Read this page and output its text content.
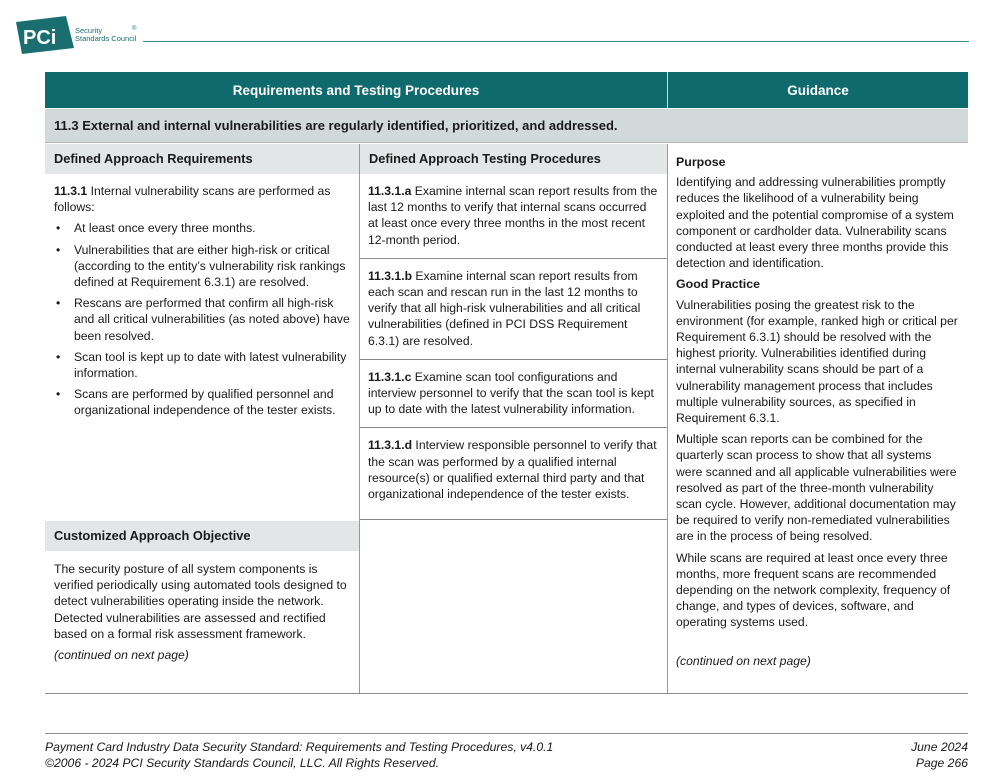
PCi Security
Standards Council
®
Requirements and Testing Procedures	Guidance
11.3 External and internal vulnerabilities are regularly identified, prioritized, and addressed.
Defined Approach Requirements
11.3.1 Internal vulnerability scans are performed as follows:
• At least once every three months.
• Vulnerabilities that are either high-risk or critical (according to the entity’s vulnerability risk rankings defined at Requirement 6.3.1) are resolved.
• Rescans are performed that confirm all high-risk and all critical vulnerabilities (as noted above) have been resolved.
• Scan tool is kept up to date with latest vulnerability information.
• Scans are performed by qualified personnel and organizational independence of the tester exists.
Customized Approach Objective
The security posture of all system components is verified periodically using automated tools designed to detect vulnerabilities operating inside the network. Detected vulnerabilities are assessed and rectified based on a formal risk assessment framework.
(continued on next page)
Defined Approach Testing Procedures
11.3.1.a Examine internal scan report results from the last 12 months to verify that internal scans occurred at least once every three months in the most recent 12-month period.
11.3.1.b Examine internal scan report results from each scan and rescan run in the last 12 months to verify that all high-risk vulnerabilities and all critical vulnerabilities (defined in PCI DSS Requirement 6.3.1) are resolved.
11.3.1.c Examine scan tool configurations and interview personnel to verify that the scan tool is kept up to date with the latest vulnerability information.
11.3.1.d Interview responsible personnel to verify that the scan was performed by a qualified internal resource(s) or qualified external third party and that organizational independence of the tester exists.
Purpose

Identifying and addressing vulnerabilities promptly reduces the likelihood of a vulnerability being exploited and the potential compromise of a system component or cardholder data. Vulnerability scans conducted at least every three months provide this detection and identification.

Good Practice

Vulnerabilities posing the greatest risk to the environment (for example, ranked high or critical per Requirement 6.3.1) should be resolved with the highest priority. Vulnerabilities identified during internal vulnerability scans should be part of a vulnerability management process that includes multiple vulnerability sources, as specified in Requirement 6.3.1.

Multiple scan reports can be combined for the quarterly scan process to show that all systems were scanned and all applicable vulnerabilities were resolved as part of the three-month vulnerability scan cycle. However, additional documentation may be required to verify non-remediated vulnerabilities are in the process of being resolved.

While scans are required at least once every three months, more frequent scans are recommended depending on the network complexity, frequency of change, and types of devices, software, and operating systems used.

(continued on next page)
Payment Card Industry Data Security Standard: Requirements and Testing Procedures, v4.0.1
©2006 - 2024 PCI Security Standards Council, LLC. All Rights Reserved.
June 2024
Page 266
